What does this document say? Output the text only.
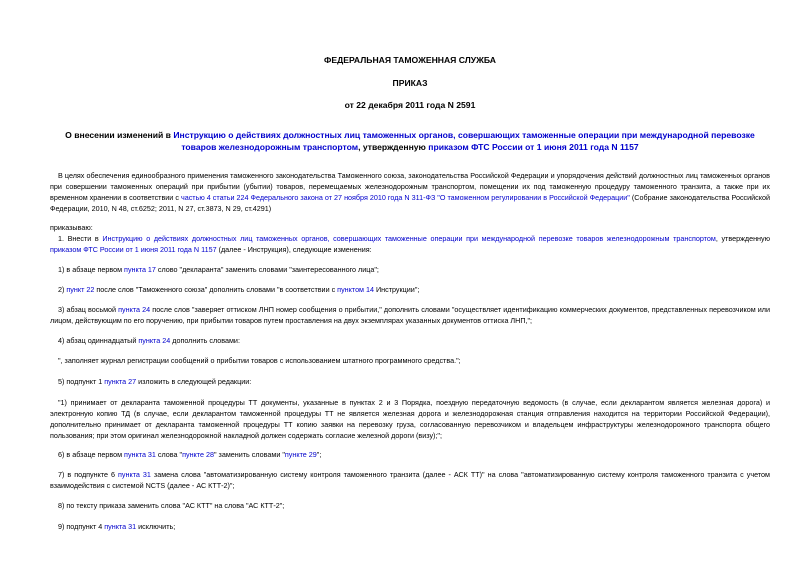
ФЕДЕРАЛЬНАЯ ТАМОЖЕННАЯ СЛУЖБА
ПРИКАЗ
от 22 декабря 2011 года N 2591
О внесении изменений в Инструкцию о действиях должностных лиц таможенных органов, совершающих таможенные операции при международной перевозке товаров железнодорожным транспортом, утвержденную приказом ФТС России от 1 июня 2011 года N 1157
В целях обеспечения единообразного применения таможенного законодательства Таможенного союза, законодательства Российской Федерации и упорядочения действий должностных лиц таможенных органов при совершении таможенных операций при прибытии (убытии) товаров, перемещаемых железнодорожным транспортом, помещении их под таможенную процедуру таможенного транзита, а также при их временном хранении в соответствии с частью 4 статьи 224 Федерального закона от 27 ноября 2010 года N 311-ФЗ "О таможенном регулировании в Российской Федерации" (Собрание законодательства Российской Федерации, 2010, N 48, ст.6252; 2011, N 27, ст.3873, N 29, ст.4291)
приказываю:
1. Внести в Инструкцию о действиях должностных лиц таможенных органов, совершающих таможенные операции при международной перевозке товаров железнодорожным транспортом, утвержденную приказом ФТС России от 1 июня 2011 года N 1157 (далее - Инструкция), следующие изменения:
1) в абзаце первом пункта 17 слово "декларанта" заменить словами "заинтересованного лица";
2) пункт 22 после слов "Таможенного союза" дополнить словами "в соответствии с пунктом 14 Инструкции";
3) абзац восьмой пункта 24 после слов "заверяет оттиском ЛНП номер сообщения о прибытии," дополнить словами "осуществляет идентификацию коммерческих документов, представленных перевозчиком или лицом, действующим по его поручению, при прибытии товаров путем проставления на двух экземплярах указанных документов оттиска ЛНП,";
4) абзац одиннадцатый пункта 24 дополнить словами:
", заполняет журнал регистрации сообщений о прибытии товаров с использованием штатного программного средства.";
5) подпункт 1 пункта 27 изложить в следующей редакции:
"1) принимает от декларанта таможенной процедуры ТТ документы, указанные в пунктах 2 и 3 Порядка, поездную передаточную ведомость (в случае, если декларантом является железная дорога) и электронную копию ТД (в случае, если декларантом таможенной процедуры ТТ не является железная дорога и железнодорожная станция отправления находится на территории Российской Федерации), дополнительно принимает от декларанта таможенной процедуры ТТ копию заявки на перевозку груза, согласованную перевозчиком и владельцем инфраструктуры железнодорожного транспорта общего пользования; при этом оригинал железнодорожной накладной должен содержать согласие железной дороги (визу);";
6) в абзаце первом пункта 31 слова "пункте 28" заменить словами "пункте 29";
7) в подпункте 6 пункта 31 замена слова "автоматизированную систему контроля таможенного транзита (далее - АСК ТТ)" на слова "автоматизированную систему контроля таможенного транзита с учетом взаимодействия с системой NCTS (далее - АС КТТ-2)";
8) по тексту приказа заменить слова "АС КТТ" на слова "АС КТТ-2";
9) подпункт 4 пункта 31 исключить;
